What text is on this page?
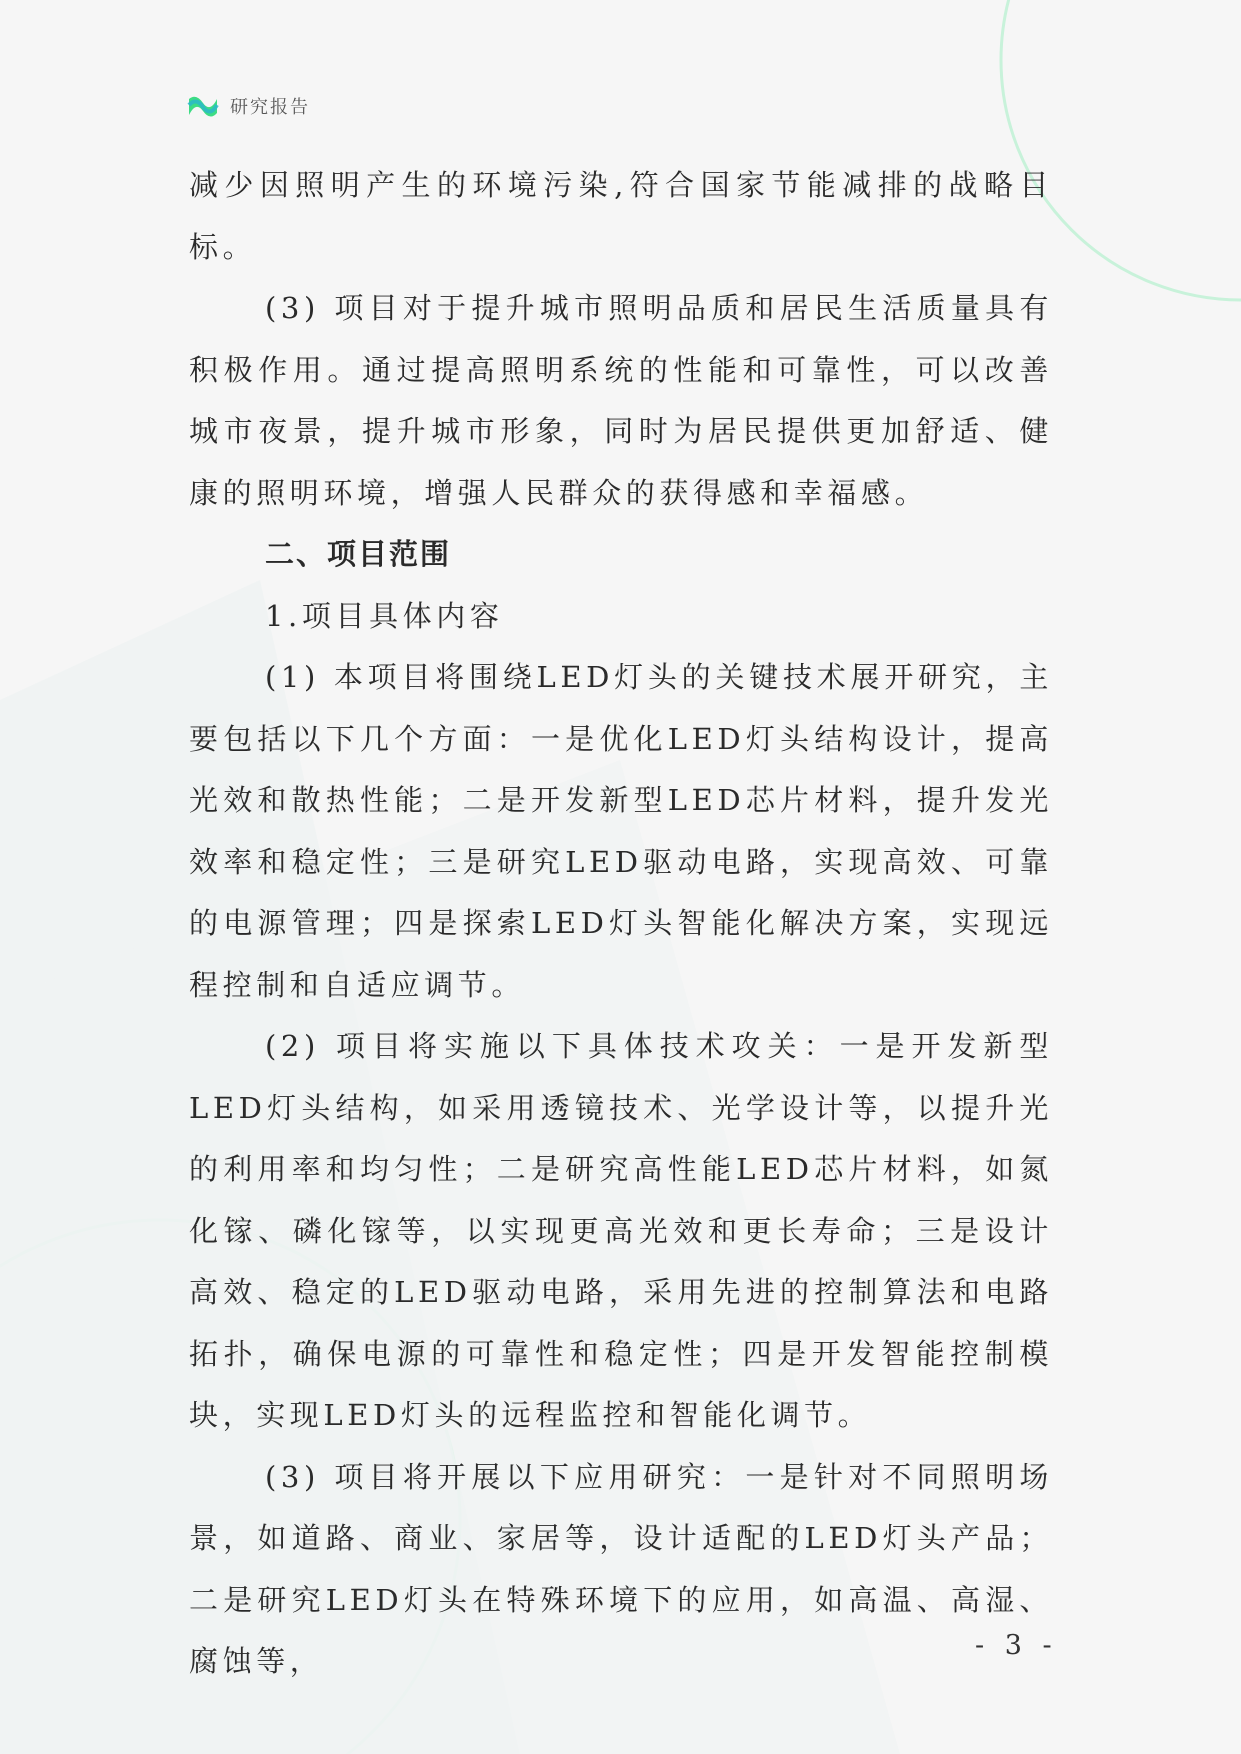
研究报告

减少因照明产生的环境污染,符合国家节能减排的战略目标。

(3) 项目对于提升城市照明品质和居民生活质量具有积极作用。通过提高照明系统的性能和可靠性，可以改善城市夜景，提升城市形象，同时为居民提供更加舒适、健康的照明环境，增强人民群众的获得感和幸福感。

二、项目范围

1.项目具体内容

(1) 本项目将围绕LED灯头的关键技术展开研究，主要包括以下几个方面：一是优化LED灯头结构设计，提高光效和散热性能；二是开发新型LED芯片材料，提升发光效率和稳定性；三是研究LED驱动电路，实现高效、可靠的电源管理；四是探索LED灯头智能化解决方案，实现远程控制和自适应调节。

(2) 项目将实施以下具体技术攻关：一是开发新型LED灯头结构，如采用透镜技术、光学设计等，以提升光的利用率和均匀性；二是研究高性能LED芯片材料，如氮化镓、磷化镓等，以实现更高光效和更长寿命；三是设计高效、稳定的LED驱动电路，采用先进的控制算法和电路拓扑，确保电源的可靠性和稳定性；四是开发智能控制模块，实现LED灯头的远程监控和智能化调节。

(3) 项目将开展以下应用研究：一是针对不同照明场景，如道路、商业、家居等，设计适配的LED灯头产品；二是研究LED灯头在特殊环境下的应用，如高温、高湿、腐蚀等，	- 3 -
